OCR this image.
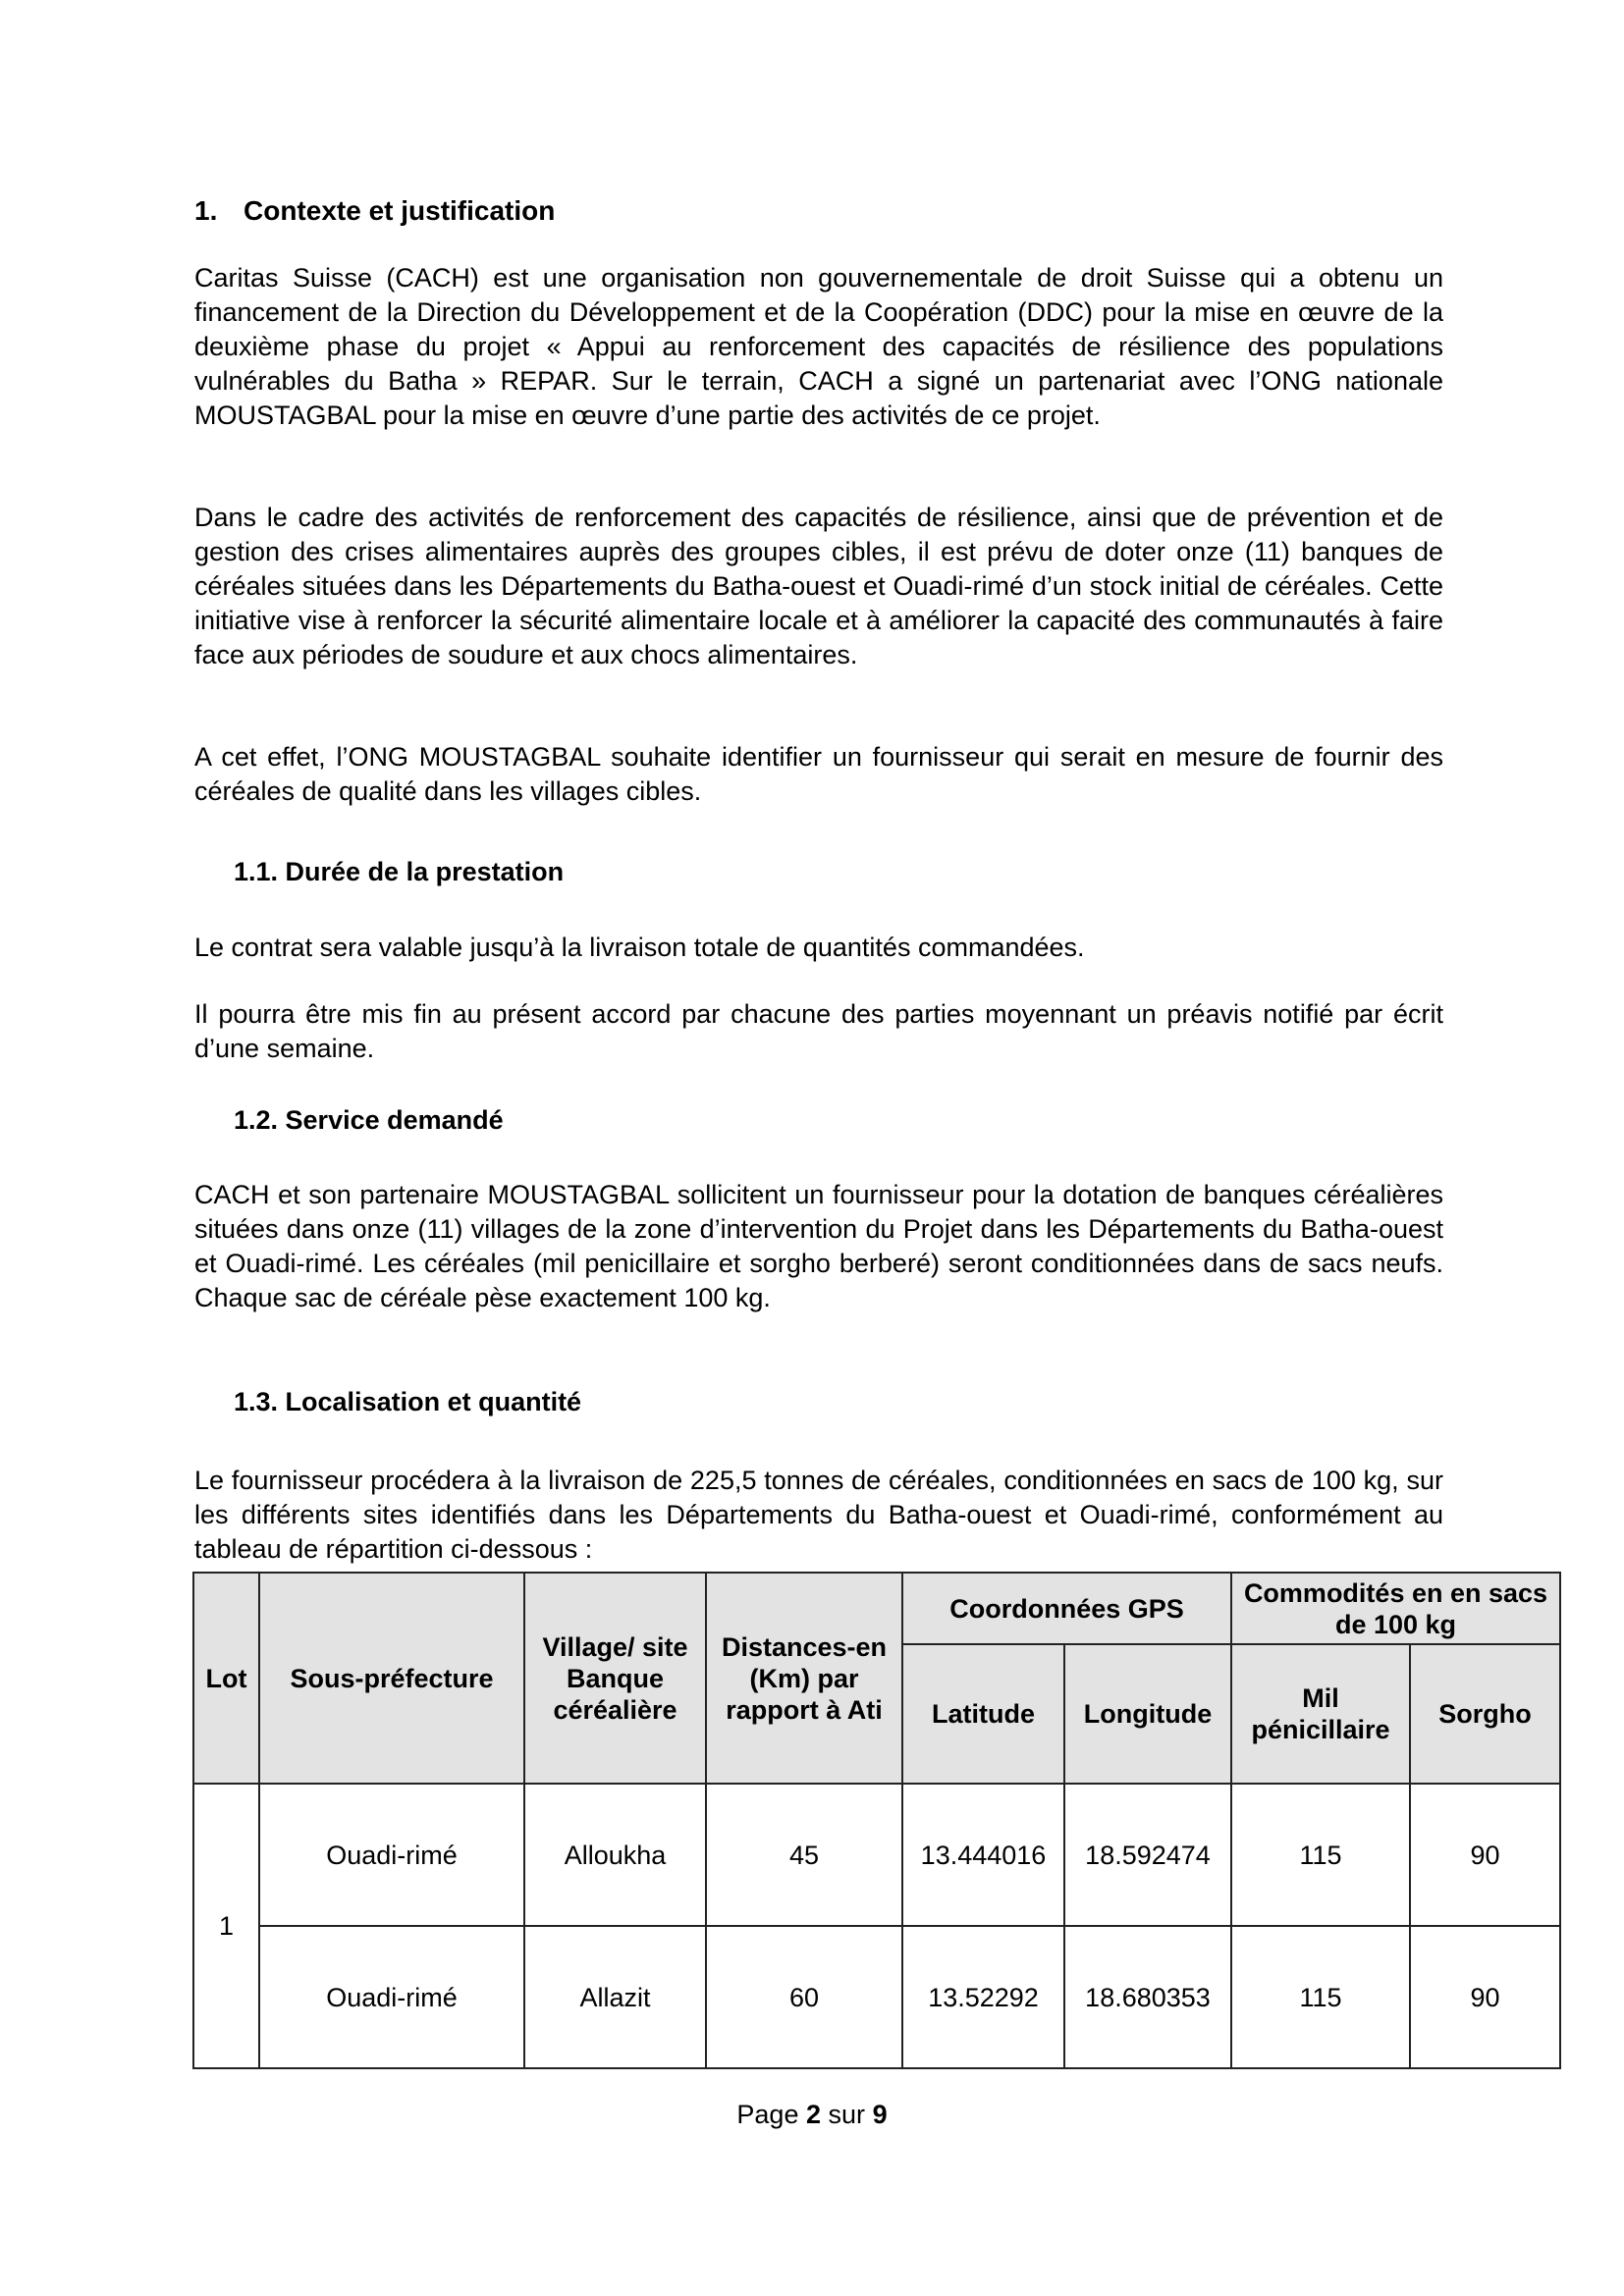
1. Contexte et justification

Caritas Suisse (CACH) est une organisation non gouvernementale de droit Suisse qui a obtenu un financement de la Direction du Développement et de la Coopération (DDC) pour la mise en œuvre de la deuxième phase du projet « Appui au renforcement des capacités de résilience des populations vulnérables du Batha » REPAR. Sur le terrain, CACH a signé un partenariat avec l’ONG nationale MOUSTAGBAL pour la mise en œuvre d’une partie des activités de ce projet.

Dans le cadre des activités de renforcement des capacités de résilience, ainsi que de prévention et de gestion des crises alimentaires auprès des groupes cibles, il est prévu de doter onze (11) banques de céréales situées dans les Départements du Batha-ouest et Ouadi-rimé d’un stock initial de céréales. Cette initiative vise à renforcer la sécurité alimentaire locale et à améliorer la capacité des communautés à faire face aux périodes de soudure et aux chocs alimentaires.

A cet effet, l’ONG MOUSTAGBAL souhaite identifier un fournisseur qui serait en mesure de fournir des céréales de qualité dans les villages cibles.

1.1. Durée de la prestation

Le contrat sera valable jusqu’à la livraison totale de quantités commandées.

Il pourra être mis fin au présent accord par chacune des parties moyennant un préavis notifié par écrit d’une semaine.

1.2. Service demandé

CACH et son partenaire MOUSTAGBAL sollicitent un fournisseur pour la dotation de banques céréalières situées dans onze (11) villages de la zone d’intervention du Projet dans les Départements du Batha-ouest et Ouadi-rimé. Les céréales (mil penicillaire et sorgho berberé) seront conditionnées dans de sacs neufs. Chaque sac de céréale pèse exactement 100 kg.

1.3. Localisation et quantité

Le fournisseur procédera à la livraison de 225,5 tonnes de céréales, conditionnées en sacs de 100 kg, sur les différents sites identifiés dans les Départements du Batha-ouest et Ouadi-rimé, conformément au tableau de répartition ci-dessous :

Lot	Sous-préfecture	Village/ site Banque céréalière	Distances-en (Km) par rapport à Ati	Coordonnées GPS		Commodités en en sacs de 100 kg	
				Latitude	Longitude	Mil pénicillaire	Sorgho
1	Ouadi-rimé	Alloukha	45	13.444016	18.592474	115	90
	Ouadi-rimé	Allazit	60	13.52292	18.680353	115	90
Page 2 sur 9
